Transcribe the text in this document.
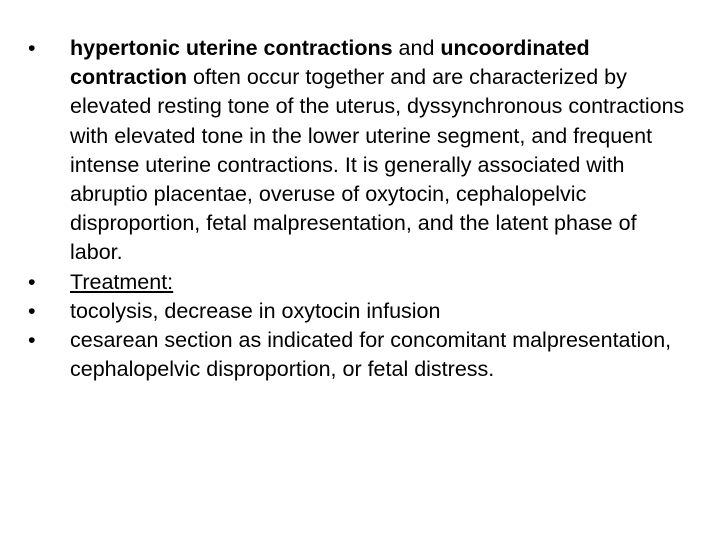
•	hypertonic uterine contractions and uncoordinated contraction often occur together and are characterized by elevated resting tone of the uterus, dyssynchronous contractions with elevated tone in the lower uterine segment, and frequent intense uterine contractions. It is generally associated with abruptio placentae, overuse of oxytocin, cephalopelvic disproportion, fetal malpresentation, and the latent phase of labor.
•	Treatment:
•	tocolysis, decrease in oxytocin infusion
•	cesarean section as indicated for concomitant malpresentation, cephalopelvic disproportion, or fetal distress.
